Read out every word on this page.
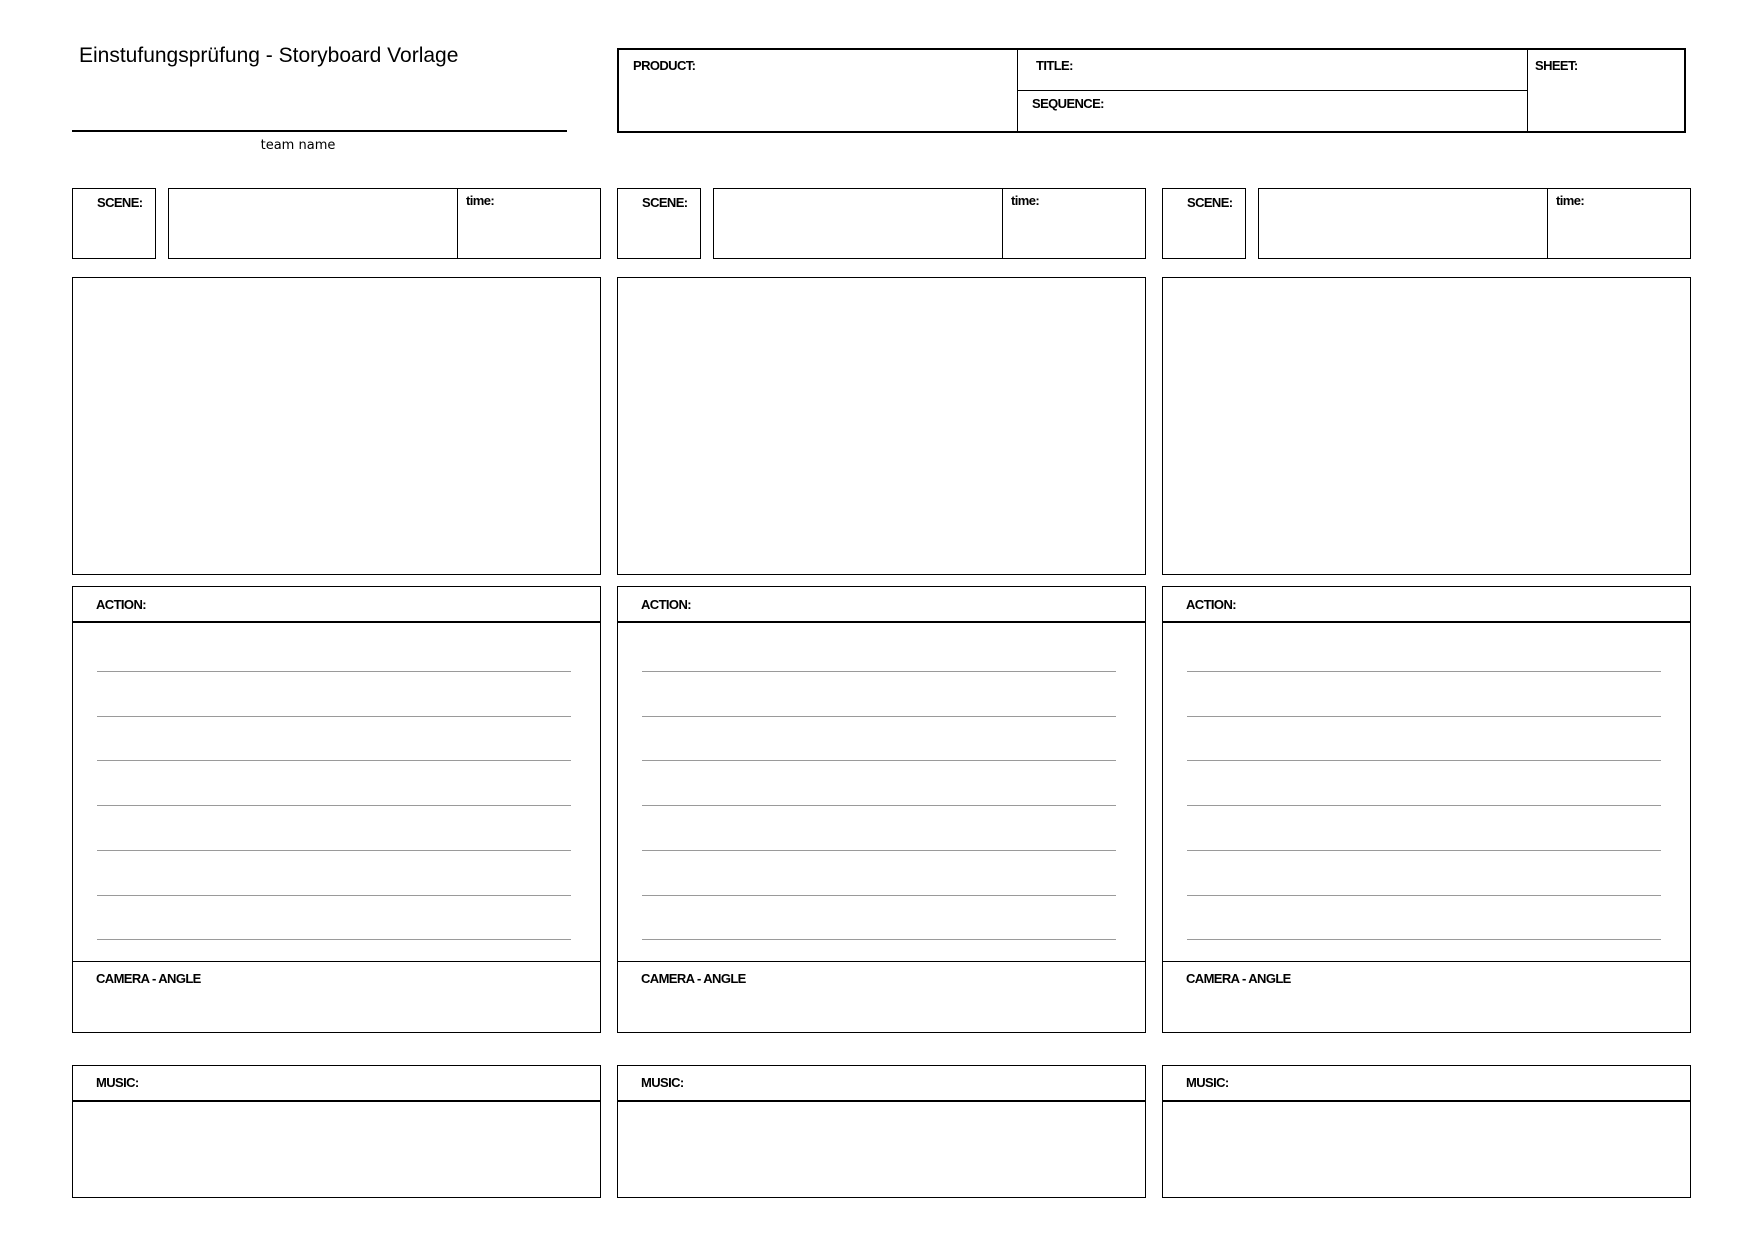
Einstufungsprüfung - Storyboard Vorlage
team name
PRODUCT:	TITLE:
SEQUENCE:
SHEET:
SCENE:	time:
ACTION:
CAMERA - ANGLE
MUSIC:
SCENE:	time:
ACTION:
CAMERA - ANGLE
MUSIC:
SCENE:	time:
ACTION:
CAMERA - ANGLE
MUSIC:
